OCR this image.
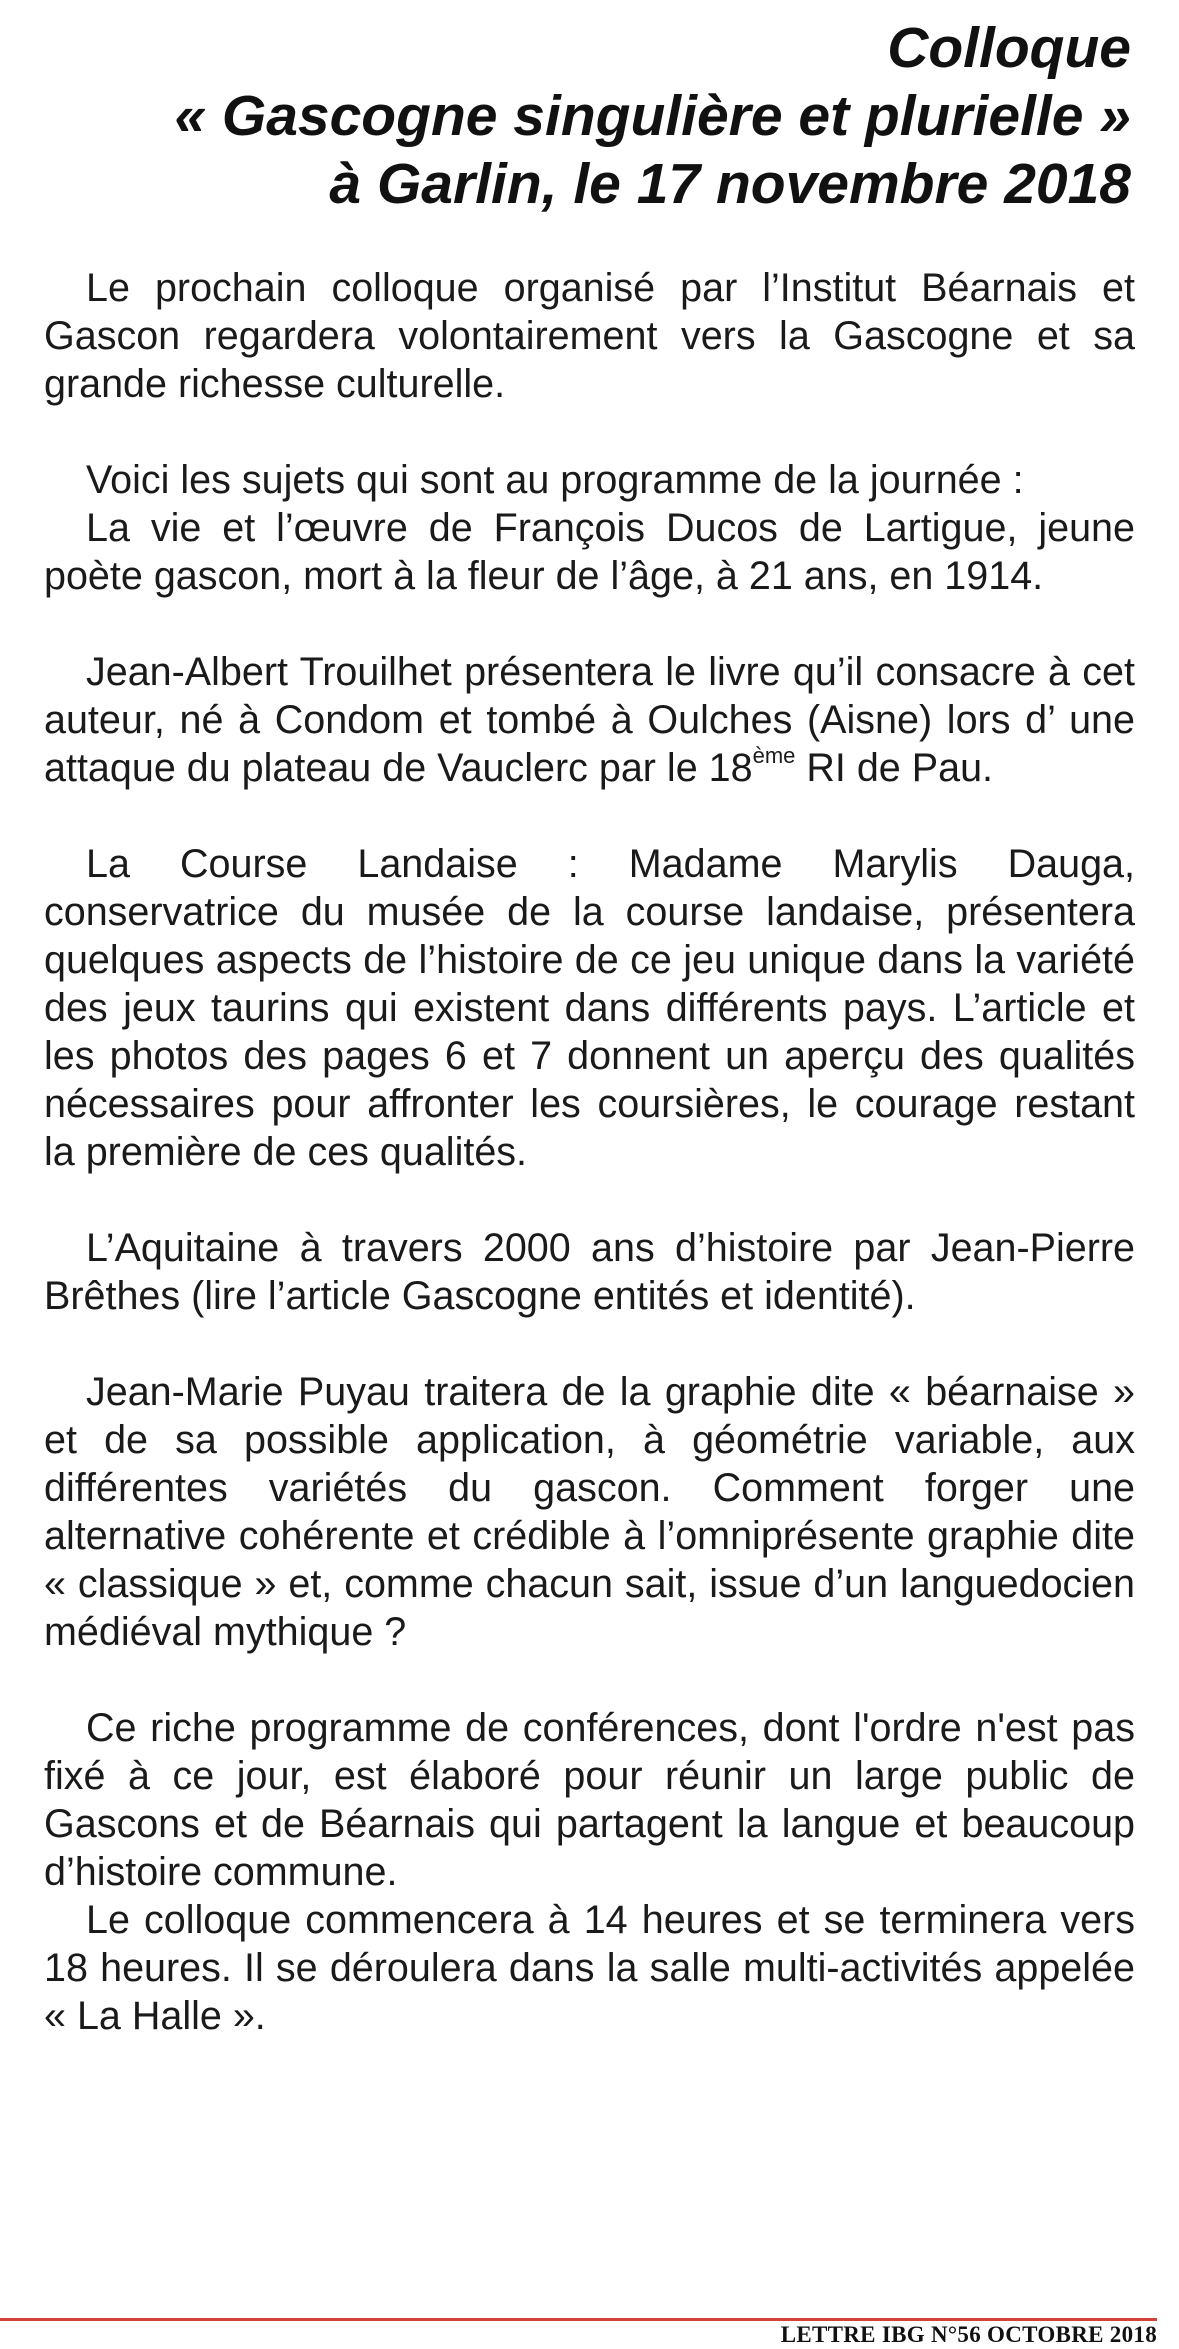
Colloque
« Gascogne singulière et plurielle »
à Garlin, le 17 novembre 2018

Le prochain colloque organisé par l’Institut Béarnais et Gascon regardera volontairement vers la Gascogne et sa grande richesse culturelle.

Voici les sujets qui sont au programme de la journée :

La vie et l’œuvre de François Ducos de Lartigue, jeune poète gascon, mort à la fleur de l’âge, à 21 ans, en 1914.

Jean-Albert Trouilhet présentera le livre qu’il consacre à cet auteur, né à Condom et tombé à Oulches (Aisne) lors d’ une attaque du plateau de Vauclerc par le 18ème RI de Pau.

La Course Landaise : Madame Marylis Dauga, conservatrice du musée de la course landaise, présentera quelques aspects de l’histoire de ce jeu unique dans la variété des jeux taurins qui existent dans différents pays. L’article et les photos des pages 6 et 7 donnent un aperçu des qualités nécessaires pour affronter les coursières, le courage restant la première de ces qualités.

L’Aquitaine à travers 2000 ans d’histoire par Jean-Pierre Brêthes (lire l’article Gascogne entités et identité).

Jean-Marie Puyau traitera de la graphie dite « béarnaise » et de sa possible application, à géométrie variable, aux différentes variétés du gascon. Comment forger une alternative cohérente et crédible à l’omniprésente graphie dite « classique » et, comme chacun sait, issue d’un languedocien médiéval mythique ?

Ce riche programme de conférences, dont l'ordre n'est pas fixé à ce jour, est élaboré pour réunir un large public de Gascons et de Béarnais qui partagent la langue et beaucoup d’histoire commune.

Le colloque commencera à 14 heures et se terminera vers 18 heures. Il se déroulera dans la salle multi-activités appelée « La Halle ».

LETTRE IBG N°56 OCTOBRE 2018
